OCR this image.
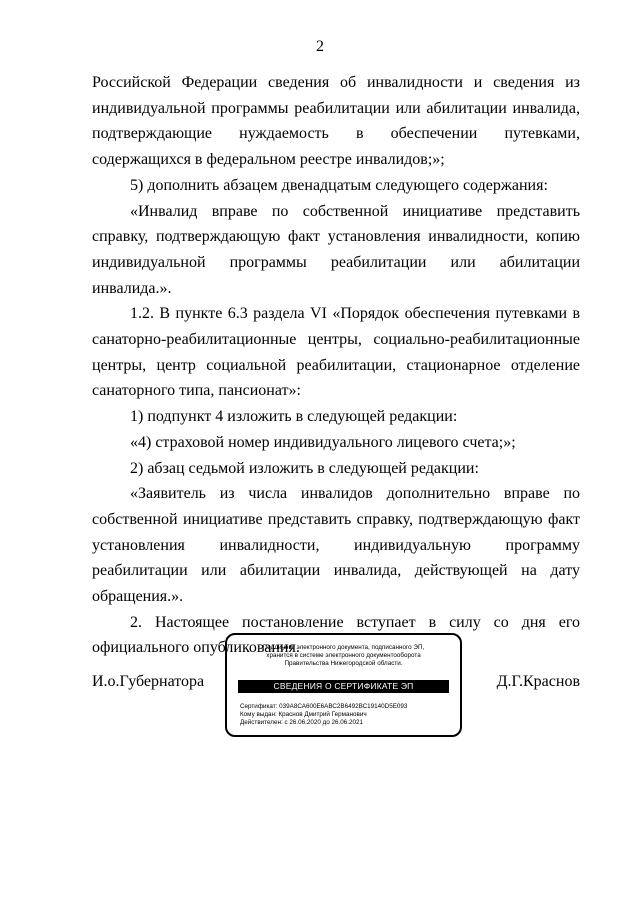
2

Российской Федерации сведения об инвалидности и сведения из индивидуальной программы реабилитации или абилитации инвалида, подтверждающие нуждаемость в обеспечении путевками, содержащихся в федеральном реестре инвалидов;»;

5) дополнить абзацем двенадцатым следующего содержания:

«Инвалид вправе по собственной инициативе представить справку, подтверждающую факт установления инвалидности, копию индивидуальной программы реабилитации или абилитации инвалида.».

1.2. В пункте 6.3 раздела VI «Порядок обеспечения путевками в санаторно-реабилитационные центры, социально-реабилитационные центры, центр социальной реабилитации, стационарное отделение санаторного типа, пансионат»:

1) подпункт 4 изложить в следующей редакции:

«4) страховой номер индивидуального лицевого счета;»;

2) абзац седьмой изложить в следующей редакции:

«Заявитель из числа инвалидов дополнительно вправе по собственной инициативе представить справку, подтверждающую факт установления инвалидности, индивидуальную программу реабилитации или абилитации инвалида, действующей на дату обращения.».

2. Настоящее постановление вступает в силу со дня его официального опубликования.

И.о.Губернатора
Подлинник электронного документа, подписанного ЭП,
хранится в системе электронного документооборота
Правительства Нижегородской области.
СВЕДЕНИЯ О СЕРТИФИКАТЕ ЭП
Сертификат: 039А8СА600Е6АВС2В6492ВС19140D5Е093
Кому выдан: Краснов Дмитрий Германович
Действителен: с 26.06.2020 до 26.06.2021
Д.Г.Краснов
